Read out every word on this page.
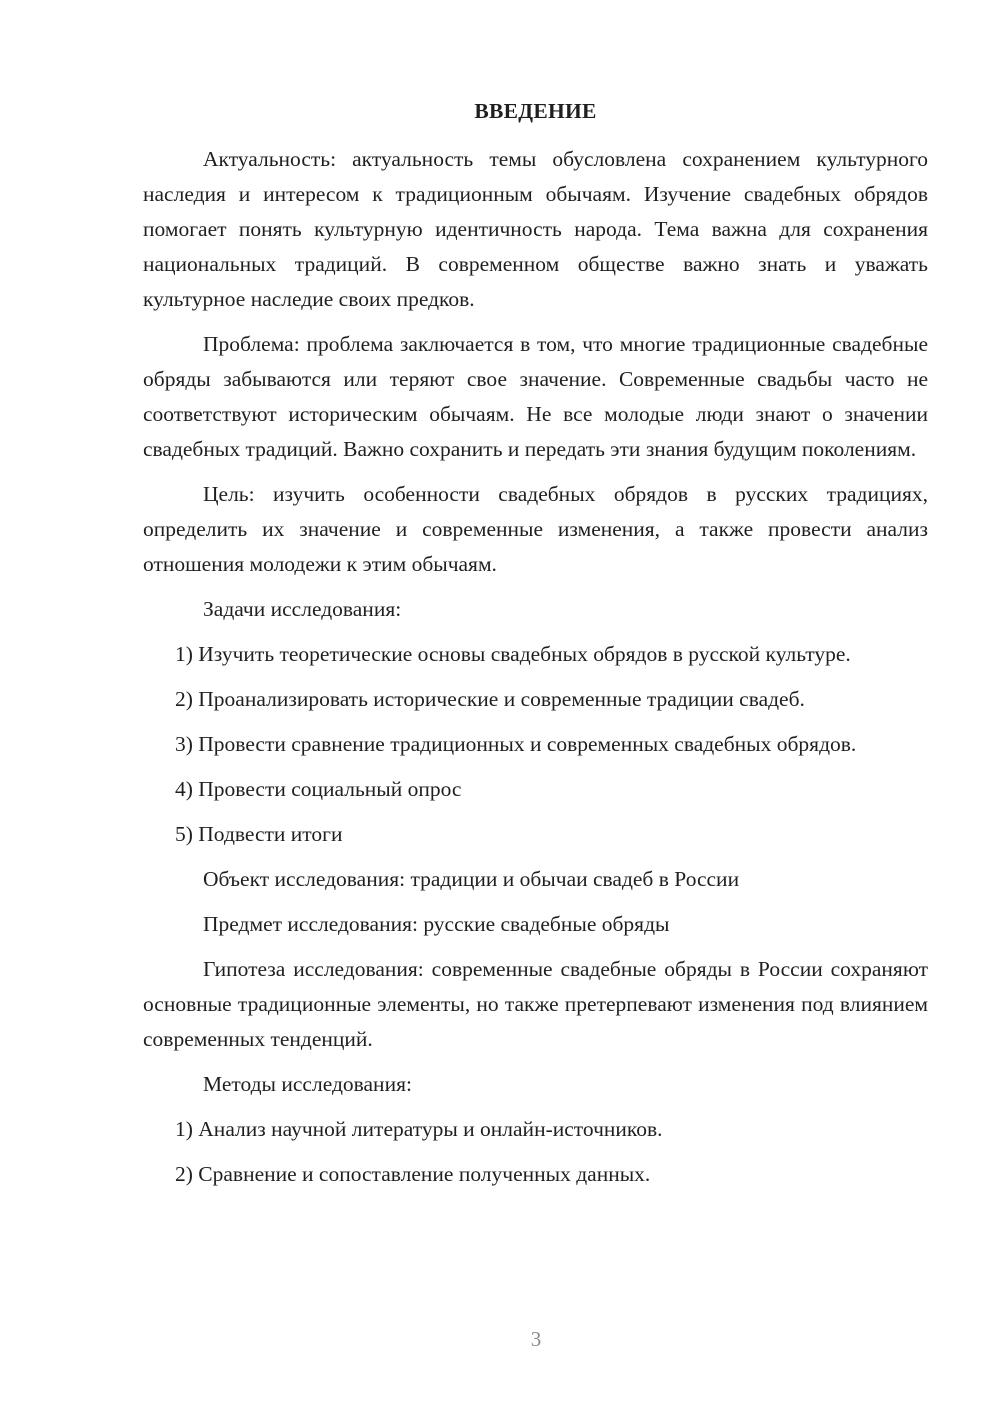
ВВЕДЕНИЕ

Актуальность: актуальность темы обусловлена сохранением культурного наследия и интересом к традиционным обычаям. Изучение свадебных обрядов помогает понять культурную идентичность народа. Тема важна для сохранения национальных традиций. В современном обществе важно знать и уважать культурное наследие своих предков.

Проблема: проблема заключается в том, что многие традиционные свадебные обряды забываются или теряют свое значение. Современные свадьбы часто не соответствуют историческим обычаям. Не все молодые люди знают о значении свадебных традиций. Важно сохранить и передать эти знания будущим поколениям.

Цель: изучить особенности свадебных обрядов в русских традициях, определить их значение и современные изменения, а также провести анализ отношения молодежи к этим обычаям.

Задачи исследования:

1) Изучить теоретические основы свадебных обрядов в русской культуре.

2) Проанализировать исторические и современные традиции свадеб.

3) Провести сравнение традиционных и современных свадебных обрядов.

4) Провести социальный опрос

5) Подвести итоги

Объект исследования: традиции и обычаи свадеб в России

Предмет исследования: русские свадебные обряды

Гипотеза исследования: современные свадебные обряды в России сохраняют основные традиционные элементы, но также претерпевают изменения под влиянием современных тенденций.

Методы исследования:

1) Анализ научной литературы и онлайн-источников.

2) Сравнение и сопоставление полученных данных.

3
